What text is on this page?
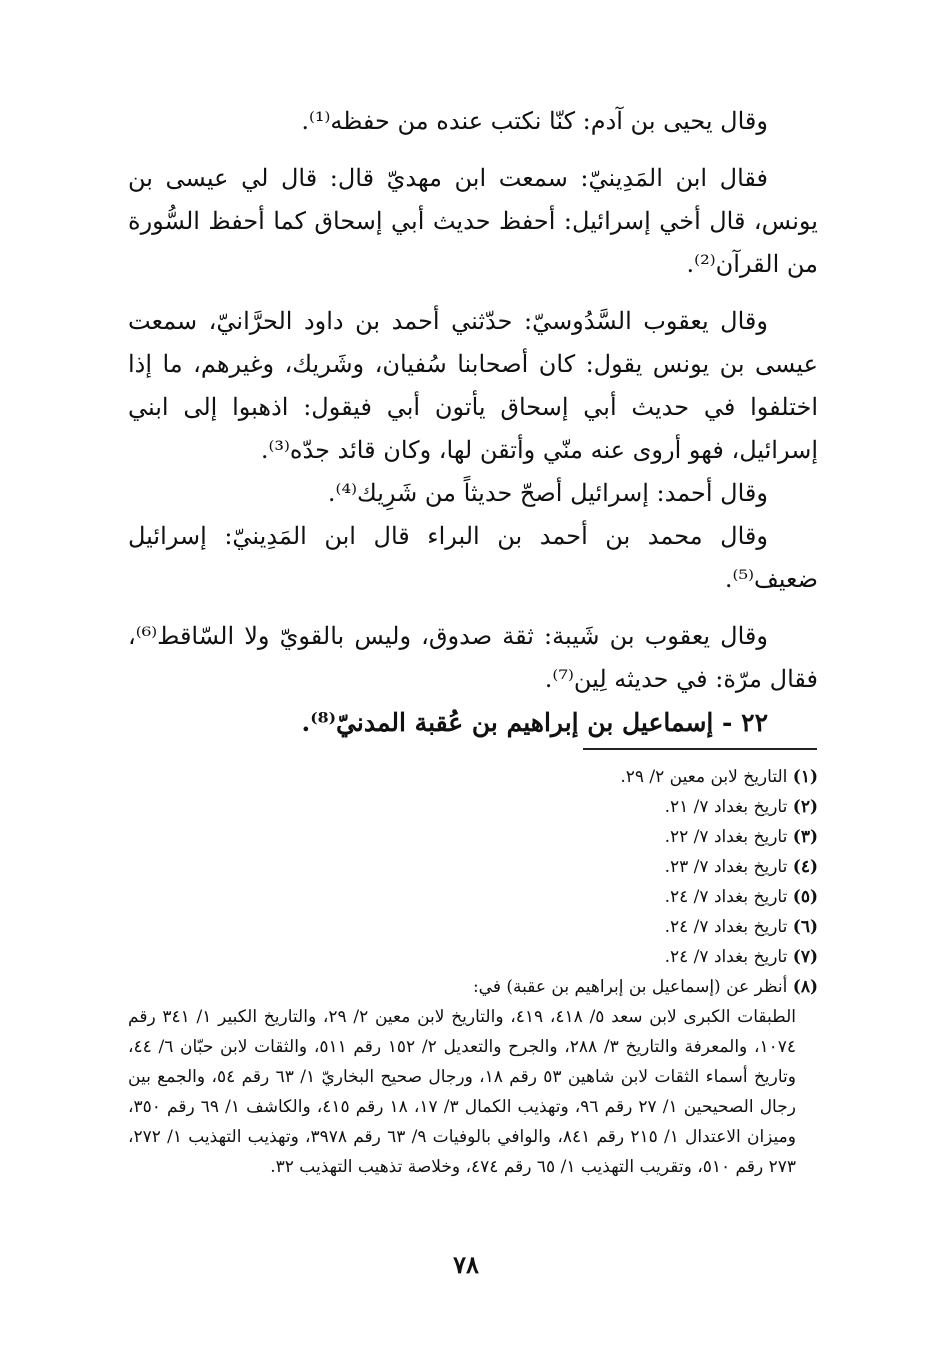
وقال يحيى بن آدم: كنّا نكتب عنده من حفظه⁽¹⁾.

فقال ابن المَدِينيّ: سمعت ابن مهديّ قال: قال لي عيسى بن يونس، قال أخي إسرائيل: أحفظ حديث أبي إسحاق كما أحفظ السُّورة من القرآن⁽²⁾.

وقال يعقوب السَّدُوسيّ: حدّثني أحمد بن داود الحرَّانيّ، سمعت عيسى بن يونس يقول: كان أصحابنا سُفيان، وشَريك، وغيرهم، ما إذا اختلفوا في حديث أبي إسحاق يأتون أبي فيقول: اذهبوا إلى ابني إسرائيل، فهو أروى عنه منّي وأتقن لها، وكان قائد جدّه⁽³⁾.

وقال أحمد: إسرائيل أصحّ حديثاً من شَرِيك⁽⁴⁾.

وقال محمد بن أحمد بن البراء قال ابن المَدِينيّ: إسرائيل ضعيف⁽⁵⁾.

وقال يعقوب بن شَيبة: ثقة صدوق، وليس بالقويّ ولا السّاقط⁽⁶⁾، فقال مرّة: في حديثه لِين⁽⁷⁾.

٢٢ - إسماعيل بن إبراهيم بن عُقبة المدنيّ⁽⁸⁾.

(١) التاريخ لابن معين ٢/ ٢٩.

(٢) تاريخ بغداد ٧/ ٢١.

(٣) تاريخ بغداد ٧/ ٢٢.

(٤) تاريخ بغداد ٧/ ٢٣.

(٥) تاريخ بغداد ٧/ ٢٤.

(٦) تاريخ بغداد ٧/ ٢٤.

(٧) تاريخ بغداد ٧/ ٢٤.

(٨) أنظر عن (إسماعيل بن إبراهيم بن عقبة) في:

الطبقات الكبرى لابن سعد ٥/ ٤١٨، ٤١٩، والتاريخ لابن معين ٢/ ٢٩، والتاريخ الكبير ١/ ٣٤١ رقم ١٠٧٤، والمعرفة والتاريخ ٣/ ٢٨٨، والجرح والتعديل ٢/ ١٥٢ رقم ٥١١، والثقات لابن حبّان ٦/ ٤٤، وتاريخ أسماء الثقات لابن شاهين ٥٣ رقم ١٨، ورجال صحيح البخاريّ ١/ ٦٣ رقم ٥٤، والجمع بين رجال الصحيحين ١/ ٢٧ رقم ٩٦، وتهذيب الكمال ٣/ ١٧، ١٨ رقم ٤١٥، والكاشف ١/ ٦٩ رقم ٣٥٠، وميزان الاعتدال ١/ ٢١٥ رقم ٨٤١، والوافي بالوفيات ٩/ ٦٣ رقم ٣٩٧٨، وتهذيب التهذيب ١/ ٢٧٢، ٢٧٣ رقم ٥١٠، وتقريب التهذيب ١/ ٦٥ رقم ٤٧٤، وخلاصة تذهيب التهذيب ٣٢.

٧٨
